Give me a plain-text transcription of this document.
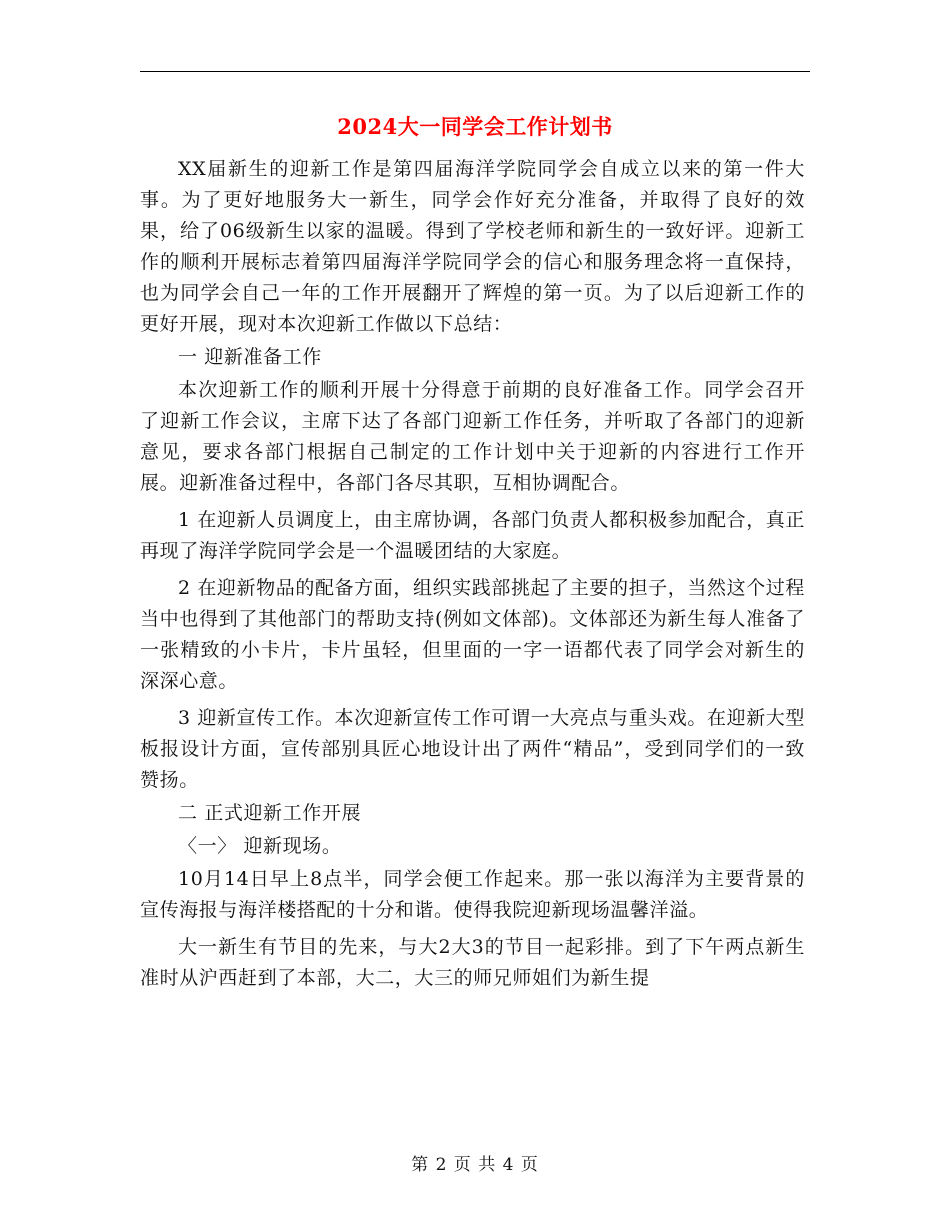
2024大一同学会工作计划书

XX届新生的迎新工作是第四届海洋学院同学会自成立以来的第一件大事。为了更好地服务大一新生，同学会作好充分准备，并取得了良好的效果，给了06级新生以家的温暖。得到了学校老师和新生的一致好评。迎新工作的顺利开展标志着第四届海洋学院同学会的信心和服务理念将一直保持，也为同学会自己一年的工作开展翻开了辉煌的第一页。为了以后迎新工作的更好开展，现对本次迎新工作做以下总结：

一 迎新准备工作

本次迎新工作的顺利开展十分得意于前期的良好准备工作。同学会召开了迎新工作会议，主席下达了各部门迎新工作任务，并听取了各部门的迎新意见，要求各部门根据自己制定的工作计划中关于迎新的内容进行工作开展。迎新准备过程中，各部门各尽其职，互相协调配合。

1 在迎新人员调度上，由主席协调，各部门负责人都积极参加配合，真正再现了海洋学院同学会是一个温暖团结的大家庭。

2 在迎新物品的配备方面，组织实践部挑起了主要的担子，当然这个过程当中也得到了其他部门的帮助支持(例如文体部)。文体部还为新生每人准备了一张精致的小卡片，卡片虽轻，但里面的一字一语都代表了同学会对新生的深深心意。

3 迎新宣传工作。本次迎新宣传工作可谓一大亮点与重头戏。在迎新大型板报设计方面，宣传部别具匠心地设计出了两件“精品”，受到同学们的一致赞扬。

二 正式迎新工作开展

〈一〉 迎新现场。

10月14日早上8点半，同学会便工作起来。那一张以海洋为主要背景的宣传海报与海洋楼搭配的十分和谐。使得我院迎新现场温馨洋溢。

大一新生有节目的先来，与大2大3的节目一起彩排。到了下午两点新生准时从沪西赶到了本部，大二，大三的师兄师姐们为新生提

第 2 页 共 4 页
